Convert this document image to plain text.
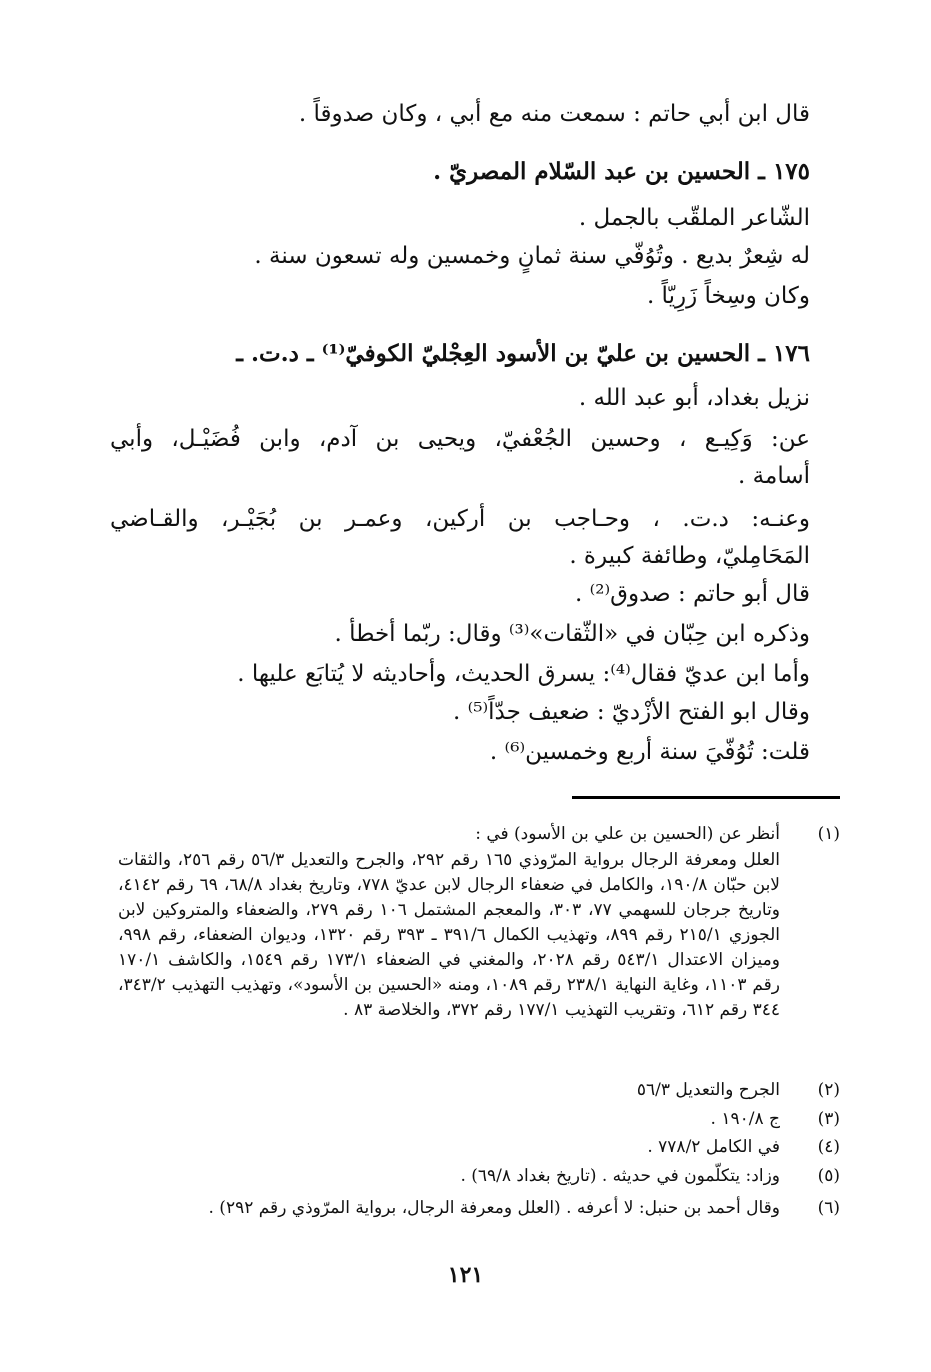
قال ابن أبي حاتم : سمعت منه مع أبي ، وكان صدوقاً .
١٧٥ ـ الحسين بن عبد السّلام المصريّ .
الشّاعر الملقّب بالجمل .
له شِعرٌ بديع . وتُوُفّي سنة ثمانٍ وخمسين وله تسعون سنة .
وكان وسِخاً زَرِيّاً .
١٧٦ ـ الحسين بن عليّ بن الأسود العِجْليّ الكوفيّ⁽¹⁾ ـ د.ت. ـ
نزيل بغداد، أبو عبد الله .
عن: وَكِيـع ، وحسين الجُعْفيّ، ويحيى بن آدم، وابن فُضَيْـل، وأبي
أسامة .
وعنـه: د.ت. ، وحـاجب بن أركين، وعمـر بن بُجَيْـر، والقـاضي
المَحَامِليّ، وطائفة كبيرة .
قال أبو حاتم : صدوق⁽²⁾ .
وذكره ابن حِبّان في «الثّقات»⁽³⁾ وقال: ربّما أخطأ .
وأما ابن عديّ فقال⁽⁴⁾: يسرق الحديث، وأحاديثه لا يُتابَع عليها .
وقال ابو الفتح الأزْديّ : ضعيف جدّاً⁽⁵⁾ .
قلت: تُوُفّيَ سنة أربع وخمسين⁽⁶⁾ .
(١)
أنظر عن (الحسين بن علي بن الأسود) في :
العلل ومعرفة الرجال برواية المرّوذي ١٦٥ رقم ٢٩٢، والجرح والتعديل ٥٦/٣ رقم ٢٥٦، والثقات لابن حبّان ١٩٠/٨، والكامل في ضعفاء الرجال لابن عديّ ٧٧٨، وتاريخ بغداد ٦٨/٨، ٦٩ رقم ٤١٤٢، وتاريخ جرجان للسهمي ٧٧، ٣٠٣، والمعجم المشتمل ١٠٦ رقم ٢٧٩، والضعفاء والمتروكين لابن الجوزي ٢١٥/١ رقم ٨٩٩، وتهذيب الكمال ٣٩١/٦ ـ ٣٩٣ رقم ١٣٢٠، وديوان الضعفاء، رقم ٩٩٨، وميزان الاعتدال ٥٤٣/١ رقم ٢٠٢٨، والمغني في الضعفاء ١٧٣/١ رقم ١٥٤٩، والكاشف ١٧٠/١ رقم ١١٠٣، وغاية النهاية ٢٣٨/١ رقم ١٠٨٩، ومنه «الحسين بن الأسود»، وتهذيب التهذيب ٣٤٣/٢، ٣٤٤ رقم ٦١٢، وتقريب التهذيب ١٧٧/١ رقم ٣٧٢، والخلاصة ٨٣ .
(٢)
الجرح والتعديل ٥٦/٣
(٣)
ج ١٩٠/٨ .
(٤)
في الكامل ٧٧٨/٢ .
(٥)
وزاد: يتكلّمون في حديثه . (تاريخ بغداد ٦٩/٨) .
(٦)
وقال أحمد بن حنبل: لا أعرفه . (العلل ومعرفة الرجال، برواية المرّوذي رقم ٢٩٢) .
١٢١
